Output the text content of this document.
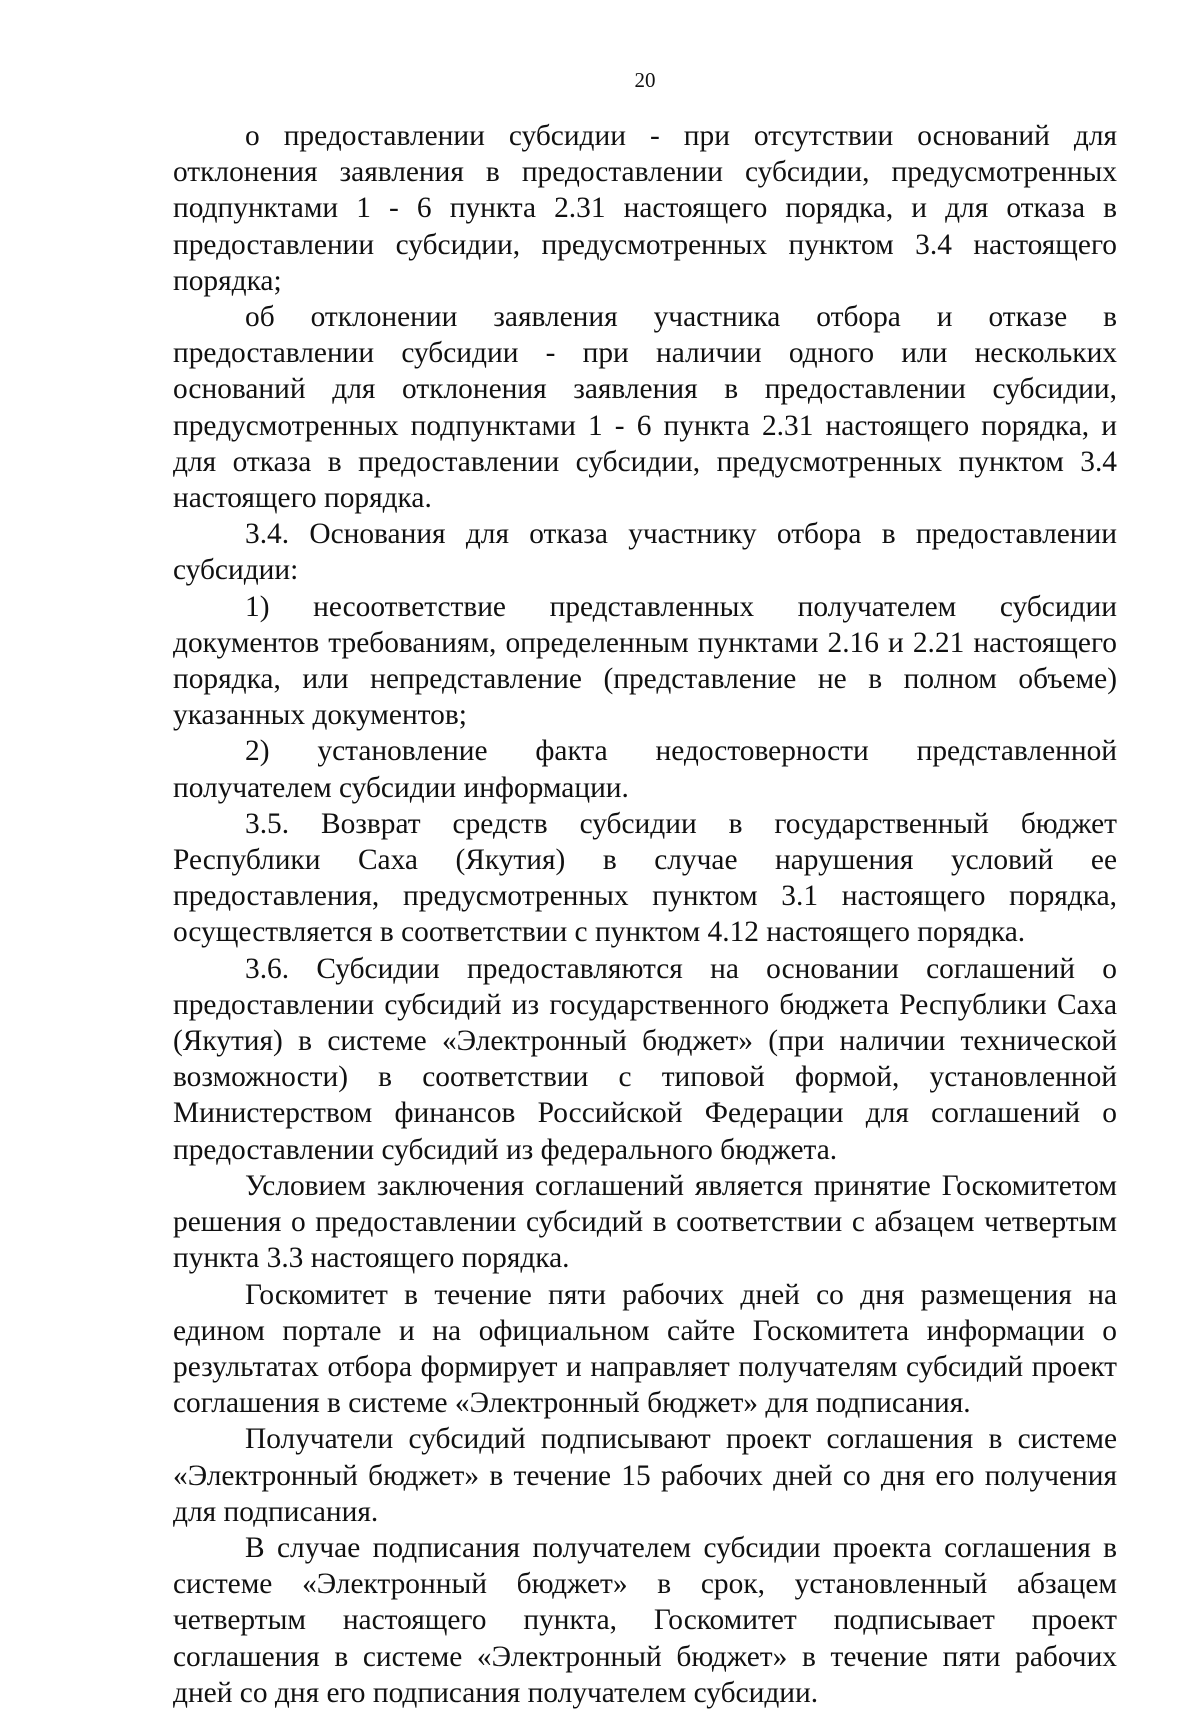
20

о предоставлении субсидии - при отсутствии оснований для отклонения заявления в предоставлении субсидии, предусмотренных подпунктами 1 - 6 пункта 2.31 настоящего порядка, и для отказа в предоставлении субсидии, предусмотренных пунктом 3.4 настоящего порядка;

об отклонении заявления участника отбора и отказе в предоставлении субсидии - при наличии одного или нескольких оснований для отклонения заявления в предоставлении субсидии, предусмотренных подпунктами 1 - 6 пункта 2.31 настоящего порядка, и для отказа в предоставлении субсидии, предусмотренных пунктом 3.4 настоящего порядка.

3.4. Основания для отказа участнику отбора в предоставлении субсидии:

1) несоответствие представленных получателем субсидии документов требованиям, определенным пунктами 2.16 и 2.21 настоящего порядка, или непредставление (представление не в полном объеме) указанных документов;

2) установление факта недостоверности представленной получателем субсидии информации.

3.5. Возврат средств субсидии в государственный бюджет Республики Саха (Якутия) в случае нарушения условий ее предоставления, предусмотренных пунктом 3.1 настоящего порядка, осуществляется в соответствии с пунктом 4.12 настоящего порядка.

3.6. Субсидии предоставляются на основании соглашений о предоставлении субсидий из государственного бюджета Республики Саха (Якутия) в системе «Электронный бюджет» (при наличии технической возможности) в соответствии с типовой формой, установленной Министерством финансов Российской Федерации для соглашений о предоставлении субсидий из федерального бюджета.

Условием заключения соглашений является принятие Госкомитетом решения о предоставлении субсидий в соответствии с абзацем четвертым пункта 3.3 настоящего порядка.

Госкомитет в течение пяти рабочих дней со дня размещения на едином портале и на официальном сайте Госкомитета информации о результатах отбора формирует и направляет получателям субсидий проект соглашения в системе «Электронный бюджет» для подписания.

Получатели субсидий подписывают проект соглашения в системе «Электронный бюджет» в течение 15 рабочих дней со дня его получения для подписания.

В случае подписания получателем субсидии проекта соглашения в системе «Электронный бюджет» в срок, установленный абзацем четвертым настоящего пункта, Госкомитет подписывает проект соглашения в системе «Электронный бюджет» в течение пяти рабочих дней со дня его подписания получателем субсидии.
